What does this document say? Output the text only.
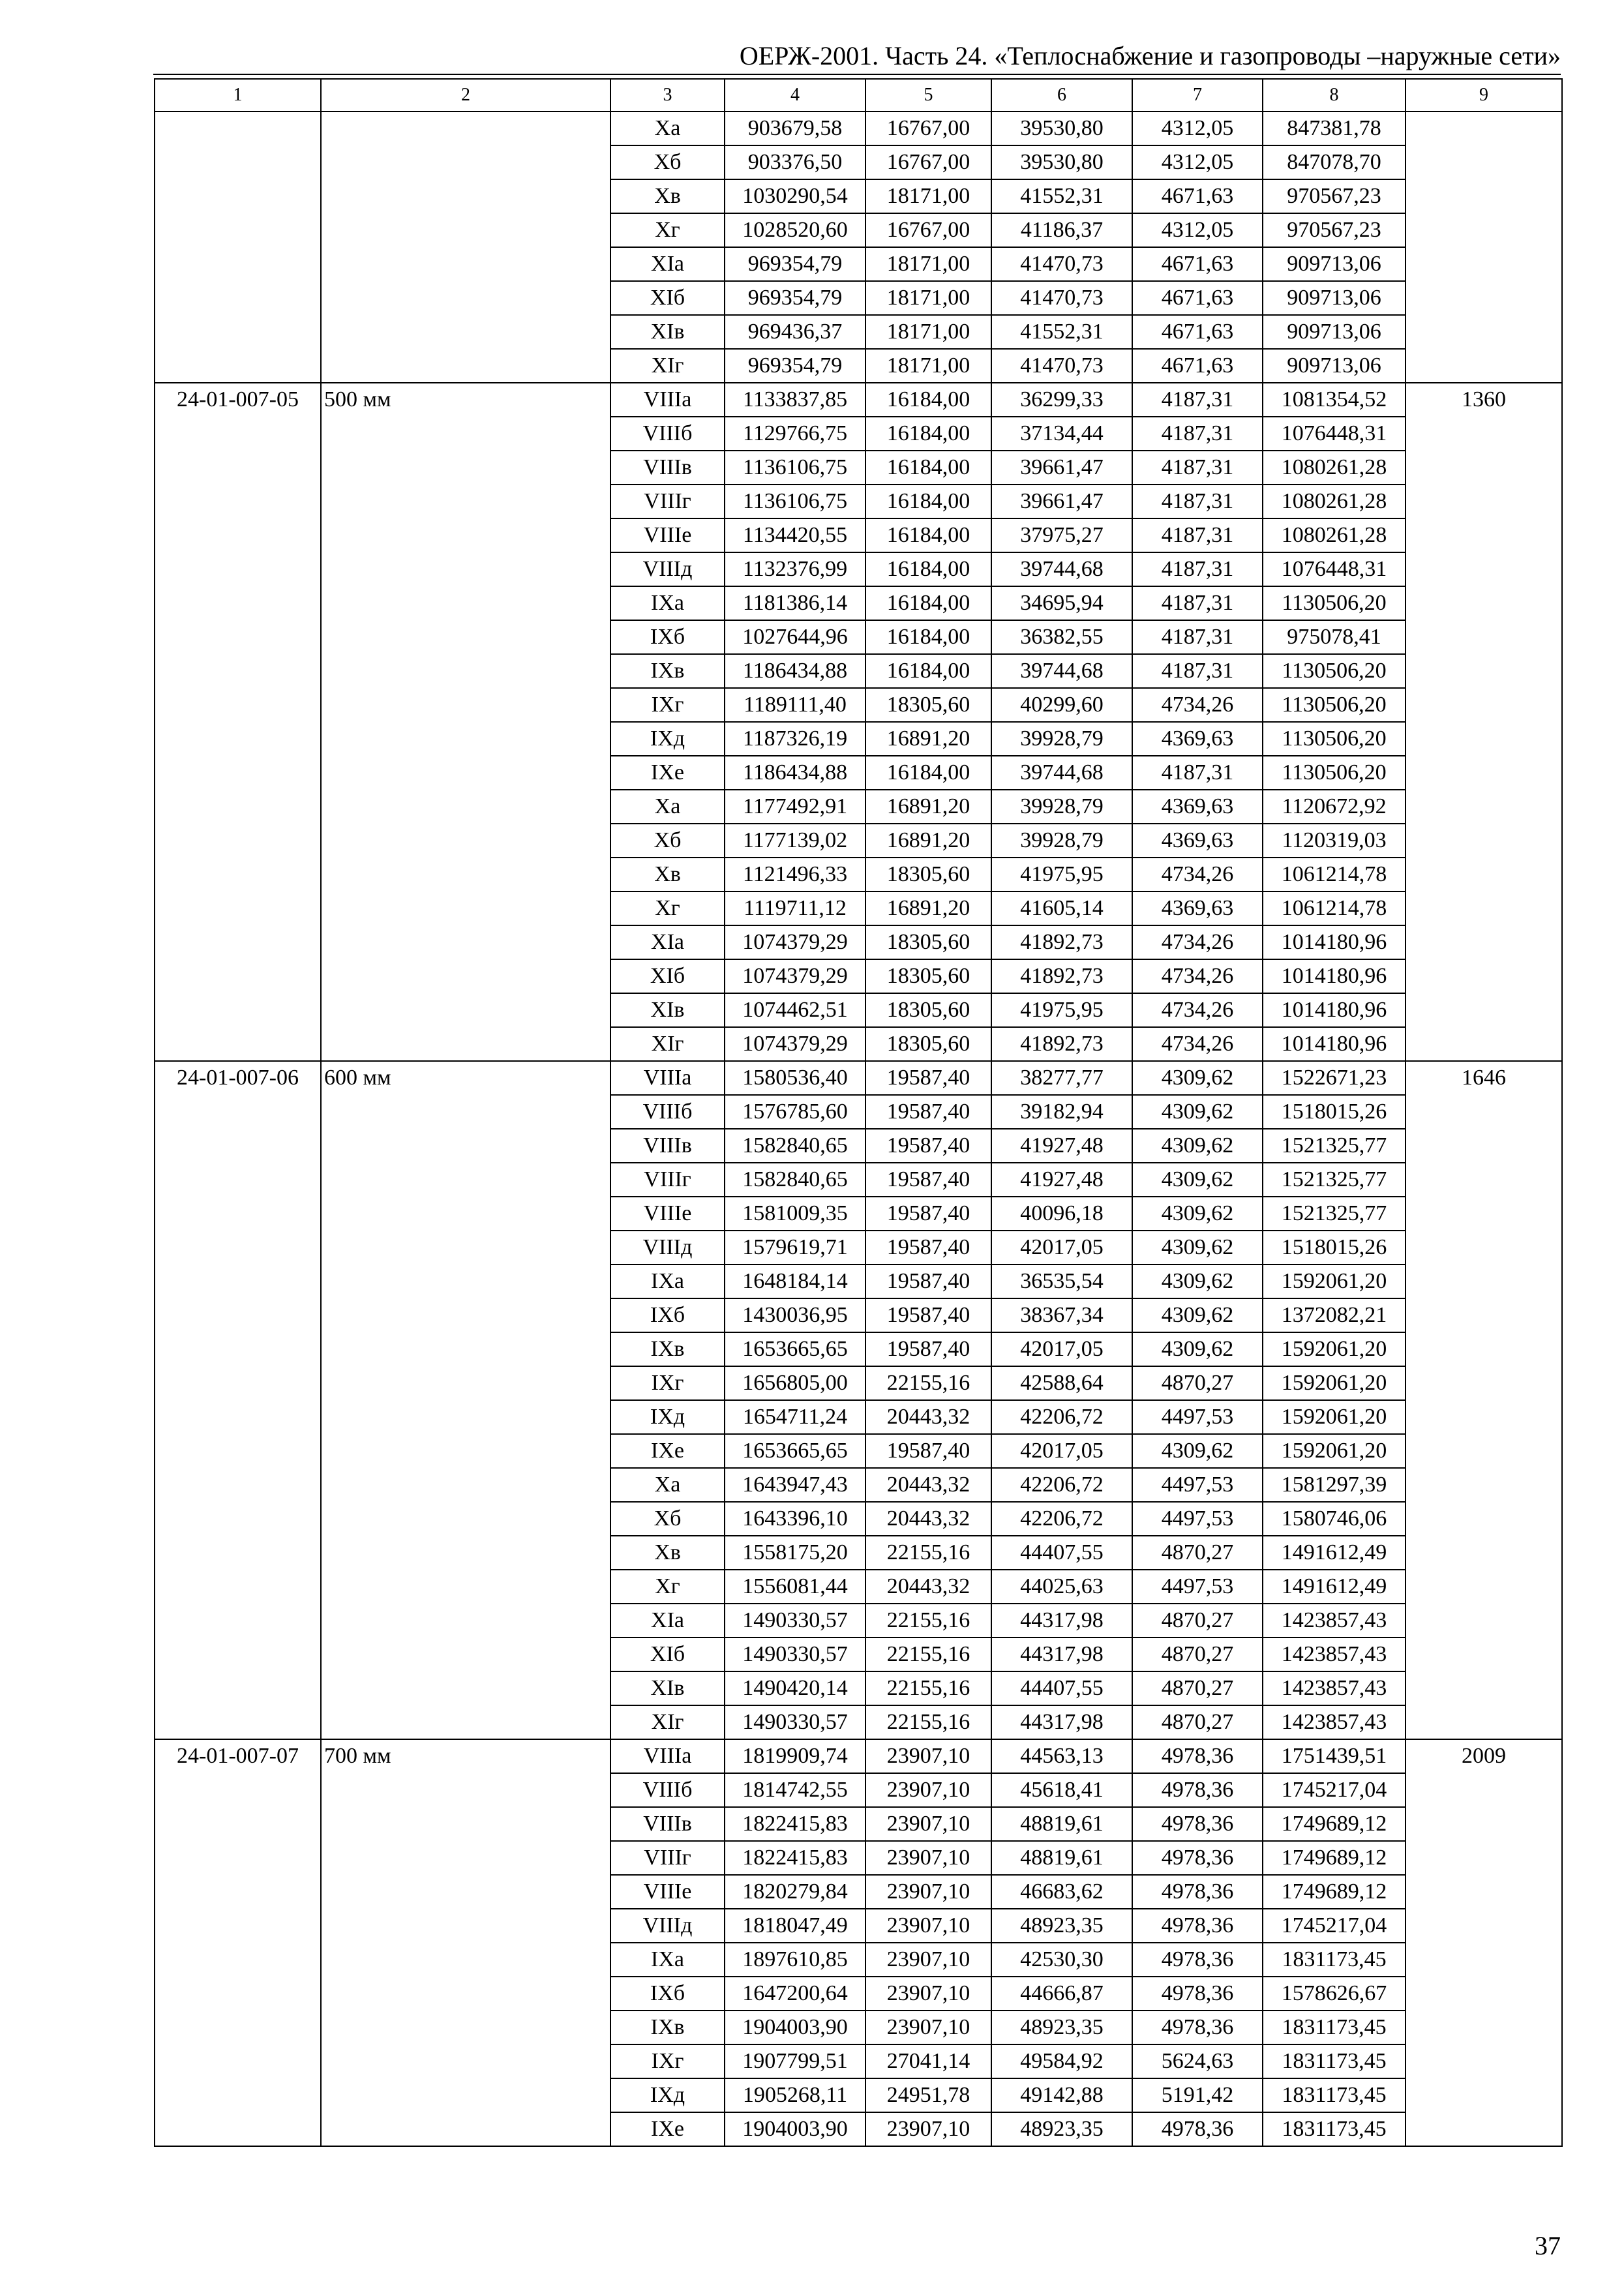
ОЕРЖ-2001. Часть 24. «Теплоснабжение и газопроводы –наружные сети»
1	2	3	4	5	6	7	8	9
		Xa	903679,58	16767,00	39530,80	4312,05	847381,78	
		Xб	903376,50	16767,00	39530,80	4312,05	847078,70	
		Xв	1030290,54	18171,00	41552,31	4671,63	970567,23	
		Xг	1028520,60	16767,00	41186,37	4312,05	970567,23	
		XIa	969354,79	18171,00	41470,73	4671,63	909713,06	
		XIб	969354,79	18171,00	41470,73	4671,63	909713,06	
		XIв	969436,37	18171,00	41552,31	4671,63	909713,06	
		XIг	969354,79	18171,00	41470,73	4671,63	909713,06	
24-01-007-05	500 мм	VIIIa	1133837,85	16184,00	36299,33	4187,31	1081354,52	1360
		VIIIб	1129766,75	16184,00	37134,44	4187,31	1076448,31	
		VIIIв	1136106,75	16184,00	39661,47	4187,31	1080261,28	
		VIIIг	1136106,75	16184,00	39661,47	4187,31	1080261,28	
		VIIIе	1134420,55	16184,00	37975,27	4187,31	1080261,28	
		VIIIд	1132376,99	16184,00	39744,68	4187,31	1076448,31	
		IXa	1181386,14	16184,00	34695,94	4187,31	1130506,20	
		IXб	1027644,96	16184,00	36382,55	4187,31	975078,41	
		IXв	1186434,88	16184,00	39744,68	4187,31	1130506,20	
		IXг	1189111,40	18305,60	40299,60	4734,26	1130506,20	
		IXд	1187326,19	16891,20	39928,79	4369,63	1130506,20	
		IXе	1186434,88	16184,00	39744,68	4187,31	1130506,20	
		Xa	1177492,91	16891,20	39928,79	4369,63	1120672,92	
		Xб	1177139,02	16891,20	39928,79	4369,63	1120319,03	
		Xв	1121496,33	18305,60	41975,95	4734,26	1061214,78	
		Xг	1119711,12	16891,20	41605,14	4369,63	1061214,78	
		XIa	1074379,29	18305,60	41892,73	4734,26	1014180,96	
		XIб	1074379,29	18305,60	41892,73	4734,26	1014180,96	
		XIв	1074462,51	18305,60	41975,95	4734,26	1014180,96	
		XIг	1074379,29	18305,60	41892,73	4734,26	1014180,96	
24-01-007-06	600 мм	VIIIa	1580536,40	19587,40	38277,77	4309,62	1522671,23	1646
		VIIIб	1576785,60	19587,40	39182,94	4309,62	1518015,26	
		VIIIв	1582840,65	19587,40	41927,48	4309,62	1521325,77	
		VIIIг	1582840,65	19587,40	41927,48	4309,62	1521325,77	
		VIIIе	1581009,35	19587,40	40096,18	4309,62	1521325,77	
		VIIIд	1579619,71	19587,40	42017,05	4309,62	1518015,26	
		IXa	1648184,14	19587,40	36535,54	4309,62	1592061,20	
		IXб	1430036,95	19587,40	38367,34	4309,62	1372082,21	
		IXв	1653665,65	19587,40	42017,05	4309,62	1592061,20	
		IXг	1656805,00	22155,16	42588,64	4870,27	1592061,20	
		IXд	1654711,24	20443,32	42206,72	4497,53	1592061,20	
		IXе	1653665,65	19587,40	42017,05	4309,62	1592061,20	
		Xa	1643947,43	20443,32	42206,72	4497,53	1581297,39	
		Xб	1643396,10	20443,32	42206,72	4497,53	1580746,06	
		Xв	1558175,20	22155,16	44407,55	4870,27	1491612,49	
		Xг	1556081,44	20443,32	44025,63	4497,53	1491612,49	
		XIa	1490330,57	22155,16	44317,98	4870,27	1423857,43	
		XIб	1490330,57	22155,16	44317,98	4870,27	1423857,43	
		XIв	1490420,14	22155,16	44407,55	4870,27	1423857,43	
		XIг	1490330,57	22155,16	44317,98	4870,27	1423857,43	
24-01-007-07	700 мм	VIIIa	1819909,74	23907,10	44563,13	4978,36	1751439,51	2009
		VIIIб	1814742,55	23907,10	45618,41	4978,36	1745217,04	
		VIIIв	1822415,83	23907,10	48819,61	4978,36	1749689,12	
		VIIIг	1822415,83	23907,10	48819,61	4978,36	1749689,12	
		VIIIе	1820279,84	23907,10	46683,62	4978,36	1749689,12	
		VIIIд	1818047,49	23907,10	48923,35	4978,36	1745217,04	
		IXa	1897610,85	23907,10	42530,30	4978,36	1831173,45	
		IXб	1647200,64	23907,10	44666,87	4978,36	1578626,67	
		IXв	1904003,90	23907,10	48923,35	4978,36	1831173,45	
		IXг	1907799,51	27041,14	49584,92	5624,63	1831173,45	
		IXд	1905268,11	24951,78	49142,88	5191,42	1831173,45	
		IXе	1904003,90	23907,10	48923,35	4978,36	1831173,45	
37
